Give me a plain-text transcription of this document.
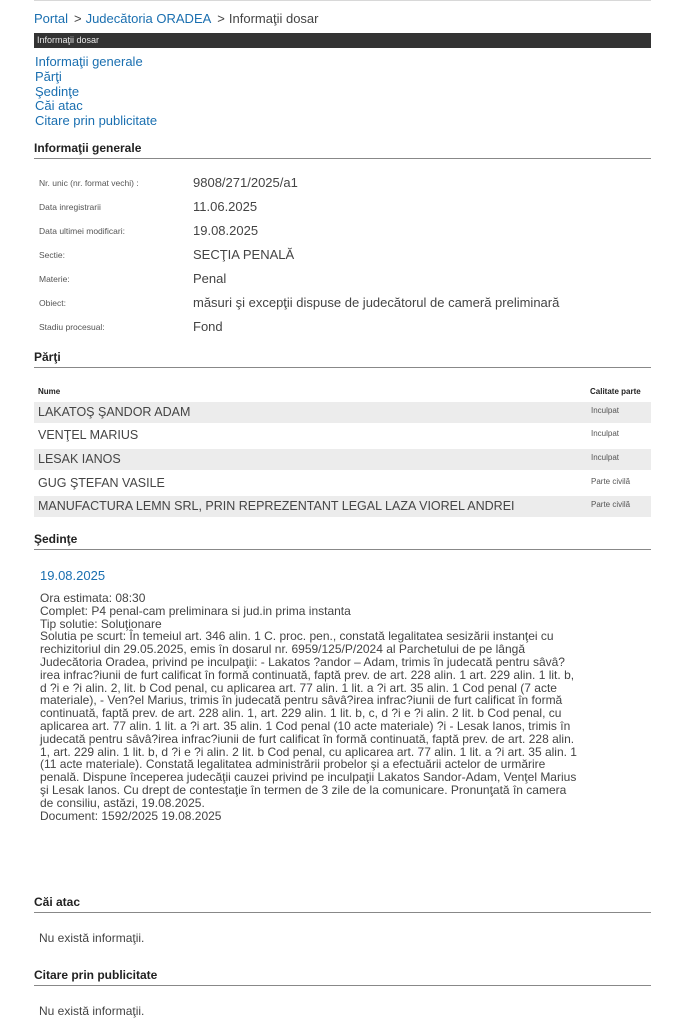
Portal > Judecătoria ORADEA > Informaţii dosar
Informaţii dosar
Informaţii generale
Părţi
Şedinţe
Căi atac
Citare prin publicitate
Informaţii generale
Nr. unic (nr. format vechi) :	9808/271/2025/a1
Data inregistrarii	11.06.2025
Data ultimei modificari:	19.08.2025
Sectie:	SECŢIA PENALĂ
Materie:	Penal
Obiect:	măsuri şi excepţii dispuse de judecătorul de cameră preliminară
Stadiu procesual:	Fond
Părţi
Nume	Calitate parte
LAKATOŞ ŞANDOR ADAM	Inculpat
VENŢEL MARIUS	Inculpat
LESAK IANOS	Inculpat
GUG ŞTEFAN VASILE	Parte civilă
MANUFACTURA LEMN SRL, PRIN REPREZENTANT LEGAL LAZA VIOREL ANDREI	Parte civilă
Şedinţe
19.08.2025
Ora estimata: 08:30
Complet: P4 penal-cam preliminara si jud.in prima instanta
Tip solutie: Soluţionare
Solutia pe scurt: În temeiul art. 346 alin. 1 C. proc. pen., constată legalitatea sesizării instanţei cu
rechizitoriul din 29.05.2025, emis în dosarul nr. 6959/125/P/2024 al Parchetului de pe lângă
Judecătoria Oradea, privind pe inculpaţii: - Lakatos ?andor – Adam, trimis în judecată pentru sâvâ?
irea infrac?iunii de furt calificat în formă continuată, faptă prev. de art. 228 alin. 1 art. 229 alin. 1 lit. b,
d ?i e ?i alin. 2, lit. b Cod penal, cu aplicarea art. 77 alin. 1 lit. a ?i art. 35 alin. 1 Cod penal (7 acte
materiale), - Ven?el Marius, trimis în judecată pentru sâvâ?irea infrac?iunii de furt calificat în formă
continuată, faptă prev. de art. 228 alin. 1, art. 229 alin. 1 lit. b, c, d ?i e ?i alin. 2 lit. b Cod penal, cu
aplicarea art. 77 alin. 1 lit. a ?i art. 35 alin. 1 Cod penal (10 acte materiale) ?i - Lesak Ianos, trimis în
judecată pentru sâvâ?irea infrac?iunii de furt calificat în formă continuată, faptă prev. de art. 228 alin.
1, art. 229 alin. 1 lit. b, d ?i e ?i alin. 2 lit. b Cod penal, cu aplicarea art. 77 alin. 1 lit. a ?i art. 35 alin. 1
(11 acte materiale). Constată legalitatea administrării probelor şi a efectuării actelor de urmărire
penală. Dispune începerea judecăţii cauzei privind pe inculpaţii Lakatos Sandor-Adam, Venţel Marius
şi Lesak Ianos. Cu drept de contestaţie în termen de 3 zile de la comunicare. Pronunţată în camera
de consiliu, astăzi, 19.08.2025.
Document: 1592/2025 19.08.2025
Căi atac
Nu există informaţii.
Citare prin publicitate
Nu există informaţii.
